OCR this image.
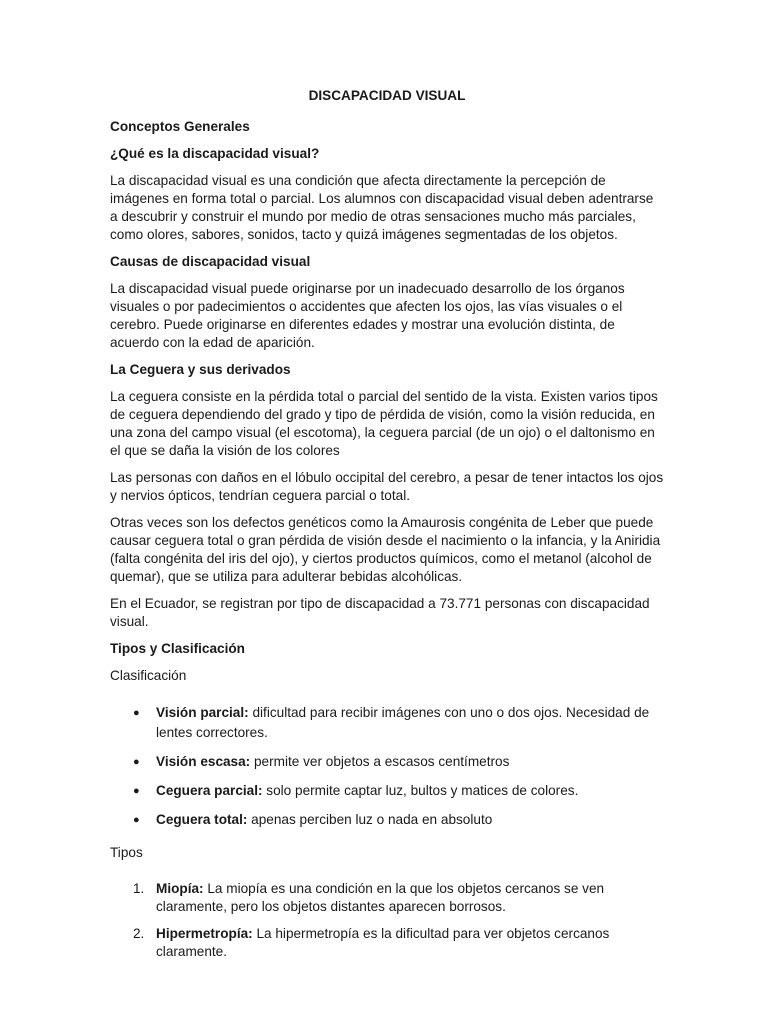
DISCAPACIDAD VISUAL
Conceptos Generales
¿Qué es la discapacidad visual?
La discapacidad visual es una condición que afecta directamente la percepción de imágenes en forma total o parcial. Los alumnos con discapacidad visual deben adentrarse a descubrir y construir el mundo por medio de otras sensaciones mucho más parciales, como olores, sabores, sonidos, tacto y quizá imágenes segmentadas de los objetos.
Causas de discapacidad visual
La discapacidad visual puede originarse por un inadecuado desarrollo de los órganos visuales o por padecimientos o accidentes que afecten los ojos, las vías visuales o el cerebro. Puede originarse en diferentes edades y mostrar una evolución distinta, de acuerdo con la edad de aparición.
La Ceguera y sus derivados
La ceguera consiste en la pérdida total o parcial del sentido de la vista. Existen varios tipos de ceguera dependiendo del grado y tipo de pérdida de visión, como la visión reducida, en una zona del campo visual (el escotoma), la ceguera parcial (de un ojo) o el daltonismo en el que se daña la visión de los colores
Las personas con daños en el lóbulo occipital del cerebro, a pesar de tener intactos los ojos y nervios ópticos, tendrían ceguera parcial o total.
Otras veces son los defectos genéticos como la Amaurosis congénita de Leber que puede causar ceguera total o gran pérdida de visión desde el nacimiento o la infancia, y la Aniridia (falta congénita del iris del ojo), y ciertos productos químicos, como el metanol (alcohol de quemar), que se utiliza para adulterar bebidas alcohólicas.
En el Ecuador, se registran por tipo de discapacidad a 73.771 personas con discapacidad visual.
Tipos y Clasificación
Clasificación
● Visión parcial: dificultad para recibir imágenes con uno o dos ojos. Necesidad de lentes correctores.
● Visión escasa: permite ver objetos a escasos centímetros
● Ceguera parcial: solo permite captar luz, bultos y matices de colores.
● Ceguera total: apenas perciben luz o nada en absoluto
Tipos
1. Miopía: La miopía es una condición en la que los objetos cercanos se ven claramente, pero los objetos distantes aparecen borrosos.
2. Hipermetropía: La hipermetropía es la dificultad para ver objetos cercanos claramente.
